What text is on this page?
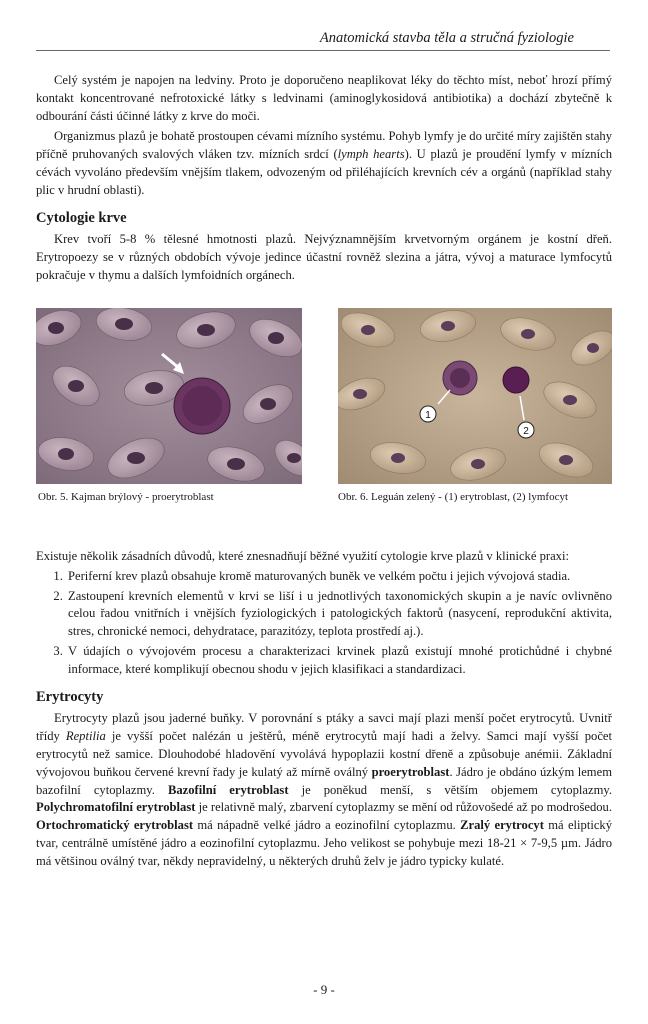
Anatomická stavba těla a stručná fyziologie

Celý systém je napojen na ledviny. Proto je doporučeno neaplikovat léky do těchto míst, neboť hrozí přímý kontakt koncentrované nefrotoxické látky s ledvinami (aminoglykosidová antibiotika) a dochází zbytečně k odbourání části účinné látky z krve do moči.

Organizmus plazů je bohatě prostoupen cévami mízního systému. Pohyb lymfy je do určité míry zajištěn stahy příčně pruhovaných svalových vláken tzv. mízních srdcí (lymph hearts). U plazů je proudění lymfy v mízních cévách vyvoláno především vnějším tlakem, odvozeným od přiléhajících krevních cév a orgánů (například stahy plic v hrudní oblasti).

Cytologie krve

Krev tvoří 5-8 % tělesné hmotnosti plazů. Nejvýznamnějším krvetvorným orgánem je kostní dřeň. Erytropoezy se v různých obdobích vývoje jedince účastní rovněž slezina a játra, vývoj a maturace lymfocytů pokračuje v thymu a dalších lymfoidních orgánech.

Obr. 5. Kajman brýlový - proerytroblast
1
2
Obr. 6. Leguán zelený - (1) erytroblast, (2) lymfocyt

Existuje několik zásadních důvodů, které znesnadňují běžné využití cytologie krve plazů v klinické praxi:

1. Periferní krev plazů obsahuje kromě maturovaných buněk ve velkém počtu i jejich vývojová stadia.
2. Zastoupení krevních elementů v krvi se liší i u jednotlivých taxonomických skupin a je navíc ovlivněno celou řadou vnitřních i vnějších fyziologických i patologických faktorů (nasycení, reprodukční aktivita, stres, chronické nemoci, dehydratace, parazitózy, teplota prostředí aj.).
3. V údajích o vývojovém procesu a charakterizaci krvinek plazů existují mnohé protichůdné i chybné informace, které komplikují obecnou shodu v jejich klasifikaci a standardizaci.
Erytrocyty

Erytrocyty plazů jsou jaderné buňky. V porovnání s ptáky a savci mají plazi menší počet erytrocytů. Uvnitř třídy Reptilia je vyšší počet nalézán u ještěrů, méně erytrocytů mají hadi a želvy. Samci mají vyšší počet erytrocytů než samice. Dlouhodobé hladovění vyvolává hypoplazii kostní dřeně a způsobuje anémii. Základní vývojovou buňkou červené krevní řady je kulatý až mírně oválný proerytroblast. Jádro je obdáno úzkým lemem bazofilní cytoplazmy. Bazofilní erytroblast je poněkud menší, s větším objemem cytoplazmy. Polychromatofilní erytroblast je relativně malý, zbarvení cytoplazmy se mění od růžovošedé až po modrošedou. Ortochromatický erytroblast má nápadně velké jádro a eozinofilní cytoplazmu. Zralý erytrocyt má eliptický tvar, centrálně umístěné jádro a eozinofilní cytoplazmu. Jeho velikost se pohybuje mezi 18-21 × 7-9,5 µm. Jádro má většinou oválný tvar, někdy nepravidelný, u některých druhů želv je jádro typicky kulaté.

- 9 -
